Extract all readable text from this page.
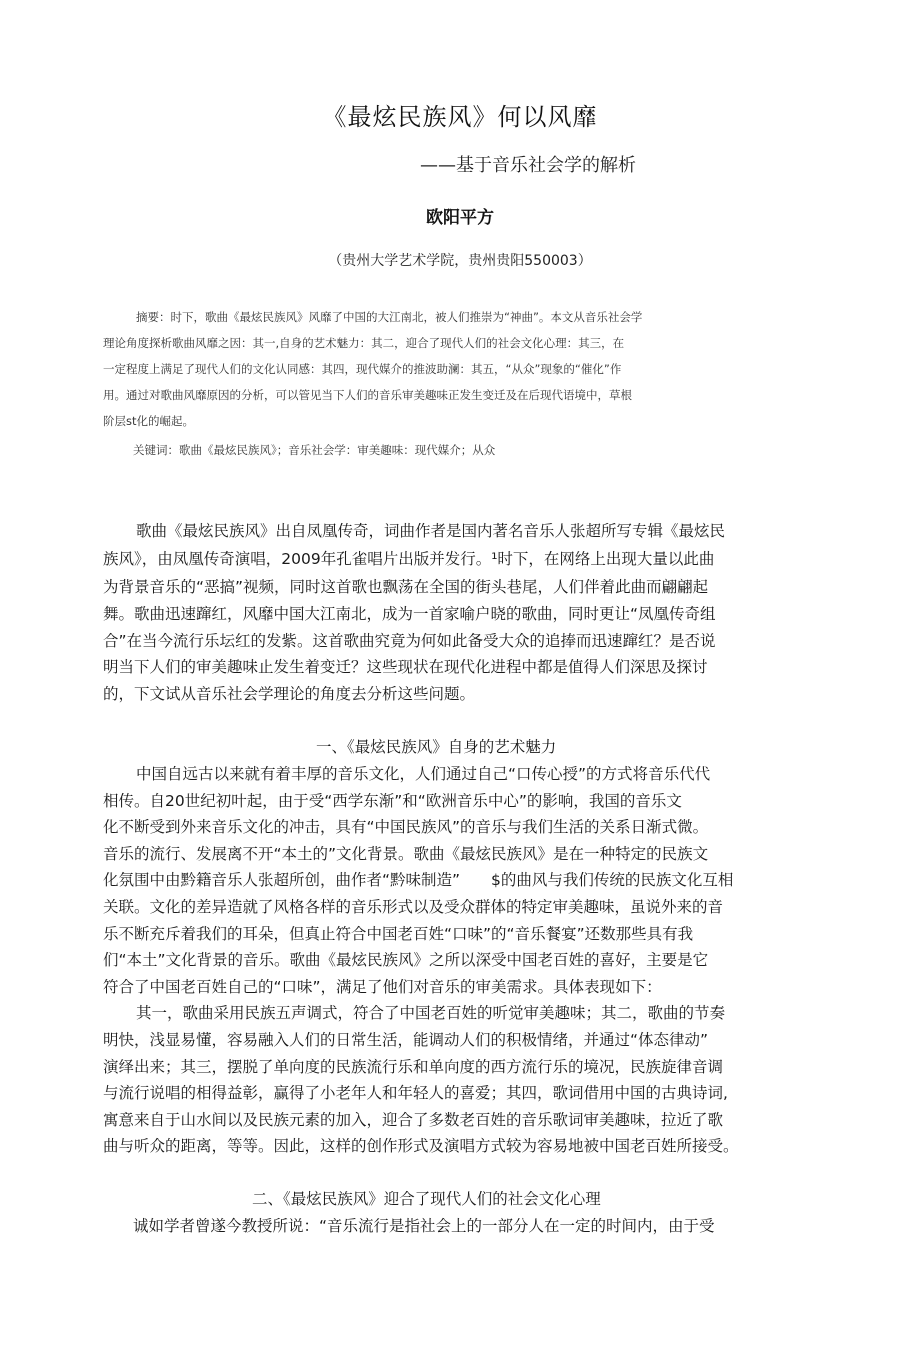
《最炫民族风》何以风靡
——基于音乐社会学的解析
欧阳平方
（贵州大学艺术学院，贵州贵阳550003）
摘要：时下，歌曲《最炫民族风》风靡了中国的大江南北，被人们推崇为“神曲”。本文从音乐社会学
理论角度探析歌曲风靡之因：其一,自身的艺术魅力：其二，迎合了现代人们的社会文化心理：其三，在
一定程度上满足了现代人们的文化认同感：其四，现代媒介的推波助澜：其五，“从众”现象的“催化”作
用。通过对歌曲风靡原因的分析，可以管见当下人们的音乐审美趣味正发生变迁及在后现代语境中，草根
阶层st化的崛起。
关键词：歌曲《最炫民族风》；音乐社会学：审美趣味：现代媒介；从众
歌曲《最炫民族风》出自凤凰传奇，词曲作者是国内著名音乐人张超所写专辑《最炫民
族风》，由凤凰传奇演唱，2009年孔雀唱片出版并发行。¹时下，在网络上出现大量以此曲
为背景音乐的“恶搞”视频，同时这首歌也飘荡在全国的街头巷尾，人们伴着此曲而翩翩起
舞。歌曲迅速蹿红，风靡中国大江南北，成为一首家喻户晓的歌曲，同时更让“凤凰传奇组
合”在当今流行乐坛红的发紫。这首歌曲究竟为何如此备受大众的追捧而迅速蹿红？是否说
明当下人们的审美趣味止发生着变迁？这些现状在现代化进程中都是值得人们深思及探讨
的，下文试从音乐社会学理论的角度去分析这些问题。
一、《最炫民族风》自身的艺术魅力
中国自远古以来就有着丰厚的音乐文化，人们通过自己“口传心授”的方式将音乐代代
相传。自20世纪初叶起，由于受“西学东渐”和“欧洲音乐中心”的影响，我国的音乐文
化不断受到外来音乐文化的冲击，具有“中国民族风”的音乐与我们生活的关系日渐式微。
音乐的流行、发展离不开“本土的”文化背景。歌曲《最炫民族风》是在一种特定的民族文
化氛围中由黔籍音乐人张超所创，曲作者“黔味制造”　　$的曲风与我们传统的民族文化互相
关联。文化的差异造就了风格各样的音乐形式以及受众群体的特定审美趣味，虽说外来的音
乐不断充斥着我们的耳朵，但真止符合中国老百姓“口味”的“音乐餐宴”还数那些具有我
们“本土”文化背景的音乐。歌曲《最炫民族风》之所以深受中国老百姓的喜好，主要是它
符合了中国老百姓自己的“口味”，满足了他们对音乐的审美需求。具体表现如下：
其一，歌曲采用民族五声调式，符合了中国老百姓的听觉审美趣味；其二，歌曲的节奏
明快，浅显易懂，容易融入人们的日常生活，能调动人们的积极情绪，并通过“体态律动”
演绎出来；其三，摆脱了单向度的民族流行乐和单向度的西方流行乐的境况，民族旋律音调
与流行说唱的相得益彰，赢得了小老年人和年轻人的喜爱；其四，歌词借用中国的古典诗词,
寓意来自于山水间以及民族元素的加入，迎合了多数老百姓的音乐歌词审美趣味，拉近了歌
曲与听众的距离，等等。因此，这样的创作形式及演唱方式较为容易地被中国老百姓所接受。
二、《最炫民族风》迎合了现代人们的社会文化心理
诚如学者曾遂今教授所说：“音乐流行是指社会上的一部分人在一定的时间内，由于受
